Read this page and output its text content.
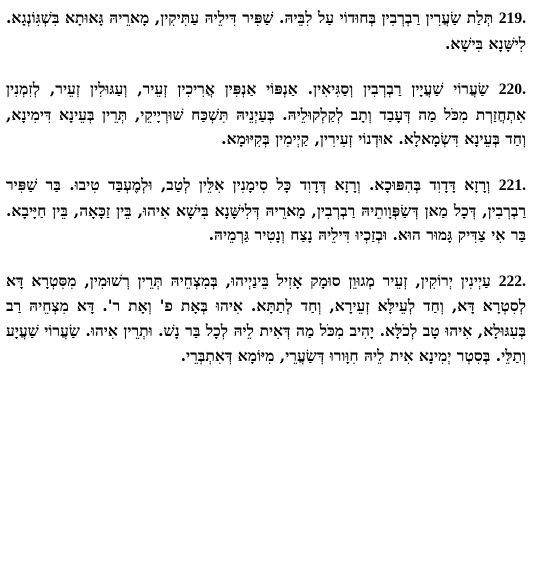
219. תְּלַת שַׂעֲרִין רַבְרְבִין בְּחוּדוֹי עַל לִבֵּיהּ. שַׁפִּיר דִּילֵיהּ עַתִּיקִין, מָארֵיהּ גָּאוּתָא בִּשְׁגִּוֹנְגָא. לִישָּׁנָא בִּישָׁא.

220. שַׂעֲרוֹי שַׁעֲיָין רַבְרְבִין וְסַגִּיאִין. אַנְפּוֹי אַנְפִּין אֲרִיכִין זְעֵיר, וְעַגּוּלִין זְעֵיר, לְזִמְנִין אִתְחֲזַרְת מִכֹּל מַה דְּעָבַד וְתָב לְקַלְקוּלֵיהּ. בְּעַיְנֵיהּ תִּשְׁכַּח שׁוּרְיָיקֵי, תְּרֵין בְּעֵינָא דִּימִינָא, וְחַד בְּעֵינָא דִּשְׂמָאלָא. אוּדְנוֹי זְעִירִין, קַיְימִין בְּקִיּוּמָא.

221. וְרָזָא דָּדָוִד בְּהִפּוּכָא. וְרָזָא דְּדָוִד כָּל סִימָנִין אִלֵּין לְטַב, וּלְמֶעְבַּד טִיבוּ. בַּר שַׁפִּיר רַבְרְבִין, דְּכָל מַאן דְּשַׂפְּוָותֵיהּ רַבְרְבִין, מָארֵיהּ דְּלִישָּׁנָא בִּישָׁא אִיהוּ, בֵּין זַכָּאָה, בֵּין חַיָּיבָא. בַּר אִי צַדִּיק גָּמוּר הוּא. וּבְזַכְיוּ דִּילֵיהּ נָצַח וְנָטִיר גַּרְמֵיהּ.

222. עַיְינִין יְרוֹקִין, זְעֵיר מְגוּוֵן סוּמָק אָזִיל בֵּינַיְיהוּ, בְּמִצְחֵיהּ תְּרֵין רְשׁוּמִין, מִסִּטְרָא דָּא לְסִטְרָא דָּא, וְחַד לְעֵילָּא זְעֵירָא, וְחַד לְתַתָּא. אִיהוּ בְּאָת פ' וְאָת ר'. דָּא מִצְחֵיהּ רַב בְּעִגּוּלָא, אִיהוּ טָב לְכֹלָּא. יָהִיב מִכֹּל מַה דְּאִית לֵיהּ לְכָל בַּר נָשׁ. וּתְרֵין אִיהוּ. שַׂעֲרוֹי שַׁעֲיָע וְתַלֵּי. בְּסִטְר יְמִינָא אִית לֵיהּ חִוָּורוּ דְּשַׂעֲרֵי, מִיּוֹמָא דְּאִתְבְּרֵי.
